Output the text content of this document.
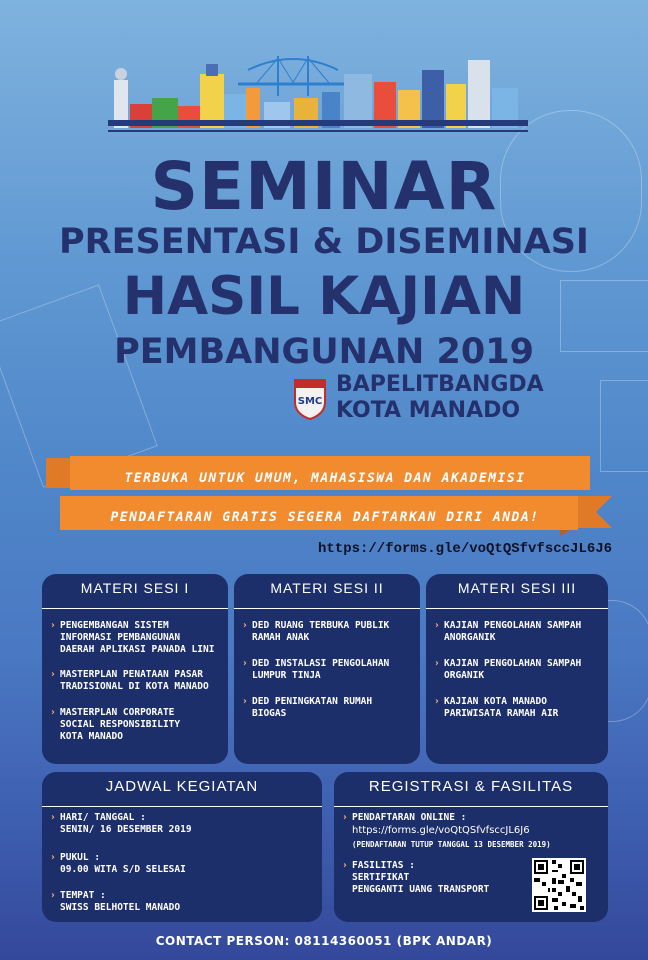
SEMINAR
PRESENTASI & DISEMINASI
HASIL KAJIAN
PEMBANGUNAN 2019
SMC
BAPELITBANGDA
KOTA MANADO
TERBUKA UNTUK UMUM, MAHASISWA DAN AKADEMISI
PENDAFTARAN GRATIS SEGERA DAFTARKAN DIRI ANDA!
https://forms.gle/voQtQSfvfsccJL6J6
MATERI SESI I
› PENGEMBANGAN SISTEM
INFORMASI PEMBANGUNAN
DAERAH APLIKASI PANADA LINI
› MASTERPLAN PENATAAN PASAR
TRADISIONAL DI KOTA MANADO
› MASTERPLAN CORPORATE
SOCIAL RESPONSIBILITY
KOTA MANADO
MATERI SESI II
› DED RUANG TERBUKA PUBLIK
RAMAH ANAK
› DED INSTALASI PENGOLAHAN
LUMPUR TINJA
› DED PENINGKATAN RUMAH
BIOGAS
MATERI SESI III
› KAJIAN PENGOLAHAN SAMPAH
ANORGANIK
› KAJIAN PENGOLAHAN SAMPAH
ORGANIK
› KAJIAN KOTA MANADO
PARIWISATA RAMAH AIR
JADWAL KEGIATAN
› HARI/ TANGGAL :
SENIN/ 16 DESEMBER 2019
› PUKUL :
09.00 WITA S/D SELESAI
› TEMPAT :
SWISS BELHOTEL MANADO
REGISTRASI & FASILITAS
› PENDAFTARAN ONLINE :
https://forms.gle/voQtQSfvfsccJL6J6
(PENDAFTARAN TUTUP TANGGAL 13 DESEMBER 2019)
› FASILITAS :
SERTIFIKAT
PENGGANTI UANG TRANSPORT
CONTACT PERSON: 08114360051 (BPK ANDAR)
